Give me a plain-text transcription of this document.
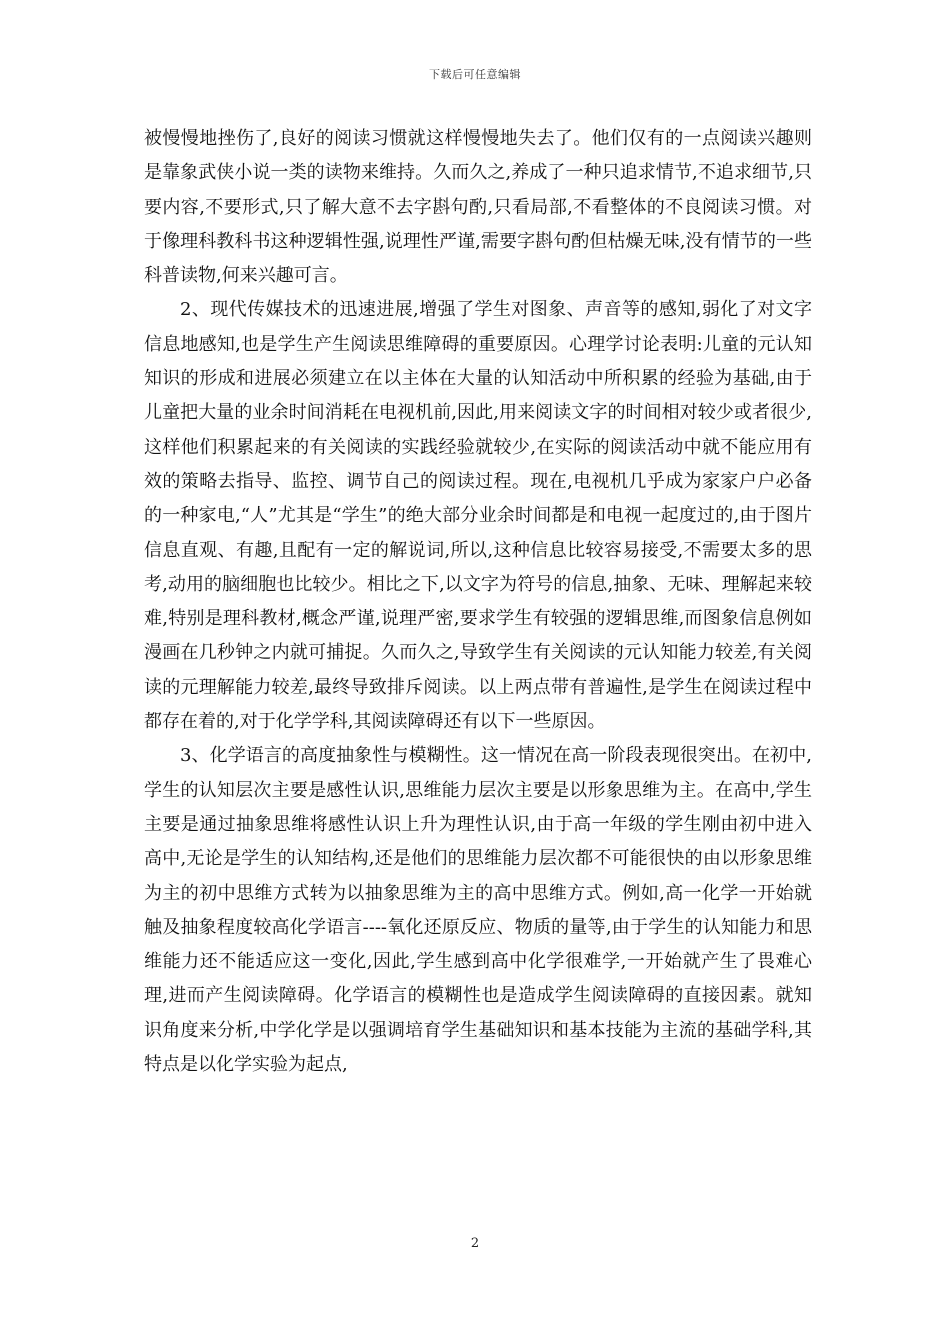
下载后可任意编辑

被慢慢地挫伤了,良好的阅读习惯就这样慢慢地失去了。他们仅有的一点阅读兴趣则是靠象武侠小说一类的读物来维持。久而久之,养成了一种只追求情节,不追求细节,只要内容,不要形式,只了解大意不去字斟句酌,只看局部,不看整体的不良阅读习惯。对于像理科教科书这种逻辑性强,说理性严谨,需要字斟句酌但枯燥无味,没有情节的一些科普读物,何来兴趣可言。

2、现代传媒技术的迅速进展,增强了学生对图象、声音等的感知,弱化了对文字信息地感知,也是学生产生阅读思维障碍的重要原因。心理学讨论表明:儿童的元认知知识的形成和进展必须建立在以主体在大量的认知活动中所积累的经验为基础,由于儿童把大量的业余时间消耗在电视机前,因此,用来阅读文字的时间相对较少或者很少,这样他们积累起来的有关阅读的实践经验就较少,在实际的阅读活动中就不能应用有效的策略去指导、监控、调节自己的阅读过程。现在,电视机几乎成为家家户户必备的一种家电,“人”尤其是“学生”的绝大部分业余时间都是和电视一起度过的,由于图片信息直观、有趣,且配有一定的解说词,所以,这种信息比较容易接受,不需要太多的思考,动用的脑细胞也比较少。相比之下,以文字为符号的信息,抽象、无味、理解起来较难,特别是理科教材,概念严谨,说理严密,要求学生有较强的逻辑思维,而图象信息例如漫画在几秒钟之内就可捕捉。久而久之,导致学生有关阅读的元认知能力较差,有关阅读的元理解能力较差,最终导致排斥阅读。以上两点带有普遍性,是学生在阅读过程中都存在着的,对于化学学科,其阅读障碍还有以下一些原因。

3、化学语言的高度抽象性与模糊性。这一情况在高一阶段表现很突出。在初中,学生的认知层次主要是感性认识,思维能力层次主要是以形象思维为主。在高中,学生主要是通过抽象思维将感性认识上升为理性认识,由于高一年级的学生刚由初中进入高中,无论是学生的认知结构,还是他们的思维能力层次都不可能很快的由以形象思维为主的初中思维方式转为以抽象思维为主的高中思维方式。例如,高一化学一开始就触及抽象程度较高化学语言----氧化还原反应、物质的量等,由于学生的认知能力和思维能力还不能适应这一变化,因此,学生感到高中化学很难学,一开始就产生了畏难心理,进而产生阅读障碍。化学语言的模糊性也是造成学生阅读障碍的直接因素。就知识角度来分析,中学化学是以强调培育学生基础知识和基本技能为主流的基础学科,其特点是以化学实验为起点,

2
